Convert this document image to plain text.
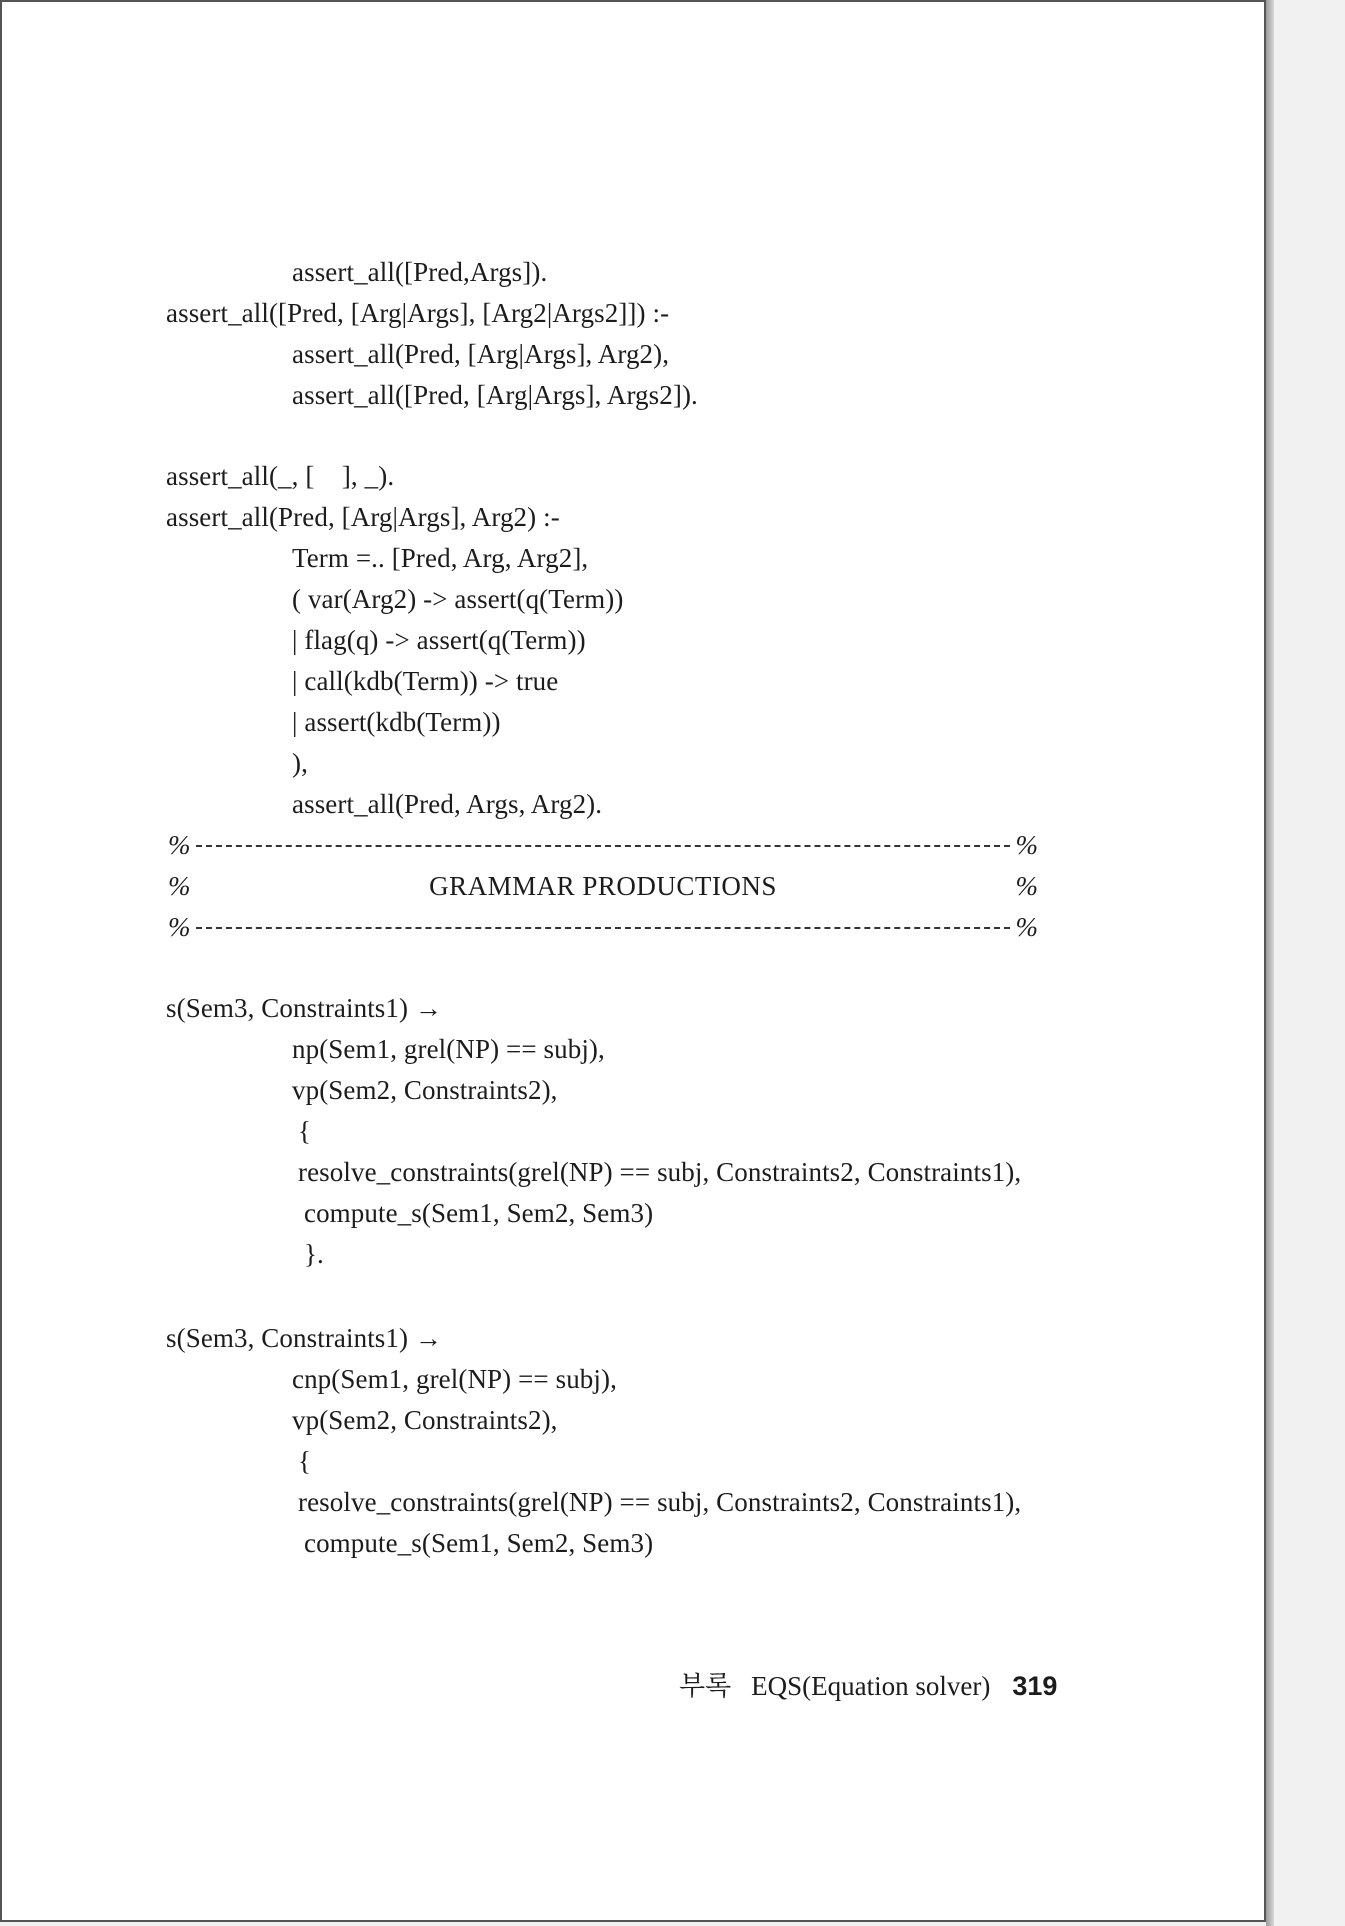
assert_all([Pred,Args]).
assert_all([Pred, [Arg|Args], [Arg2|Args2]]) :-
assert_all(Pred, [Arg|Args], Arg2),
assert_all([Pred, [Arg|Args], Args2]).
assert_all(_, [    ], _).
assert_all(Pred, [Arg|Args], Arg2) :-
Term =.. [Pred, Arg, Arg2],
( var(Arg2) -> assert(q(Term))
| flag(q) -> assert(q(Term))
| call(kdb(Term)) -> true
| assert(kdb(Term))
),
assert_all(Pred, Args, Arg2).
%	%
%	GRAMMAR PRODUCTIONS	%
%	%
s(Sem3, Constraints1) →
np(Sem1, grel(NP) == subj),
vp(Sem2, Constraints2),
{
resolve_constraints(grel(NP) == subj, Constraints2, Constraints1),
compute_s(Sem1, Sem2, Sem3)
}.
s(Sem3, Constraints1) →
cnp(Sem1, grel(NP) == subj),
vp(Sem2, Constraints2),
{
resolve_constraints(grel(NP) == subj, Constraints2, Constraints1),
compute_s(Sem1, Sem2, Sem3)

부록 EQS(Equation solver) 319
